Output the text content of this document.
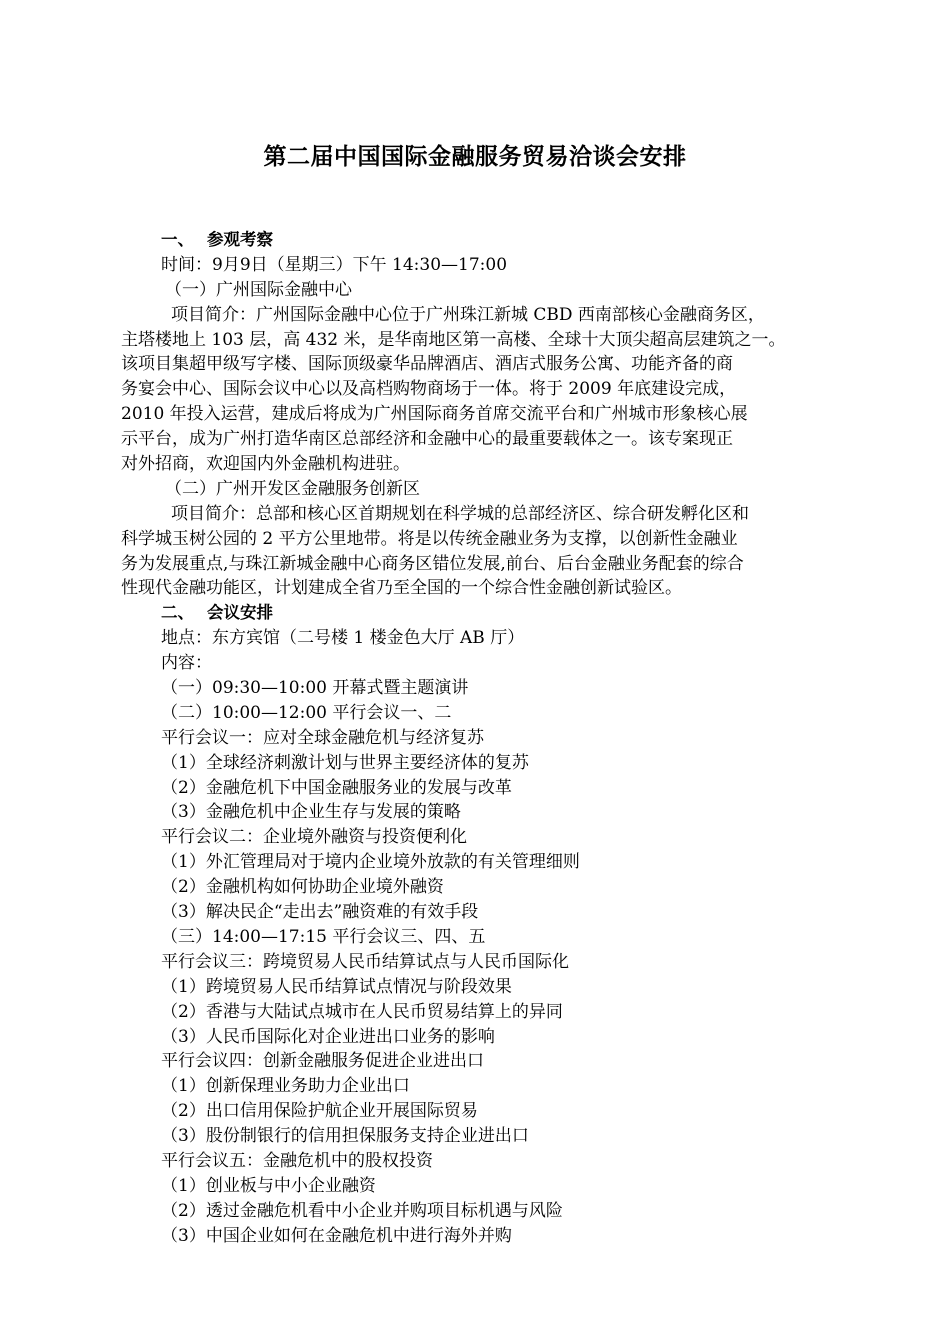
第二届中国国际金融服务贸易洽谈会安排
一、 参观考察
时间：9月9日（星期三）下午 14:30—17:00
（一）广州国际金融中心
项目简介：广州国际金融中心位于广州珠江新城 CBD 西南部核心金融商务区，
主塔楼地上 103 层，高 432 米，是华南地区第一高楼、全球十大顶尖超高层建筑之一。
该项目集超甲级写字楼、国际顶级豪华品牌酒店、酒店式服务公寓、功能齐备的商
务宴会中心、国际会议中心以及高档购物商场于一体。将于 2009 年底建设完成，
2010 年投入运营，建成后将成为广州国际商务首席交流平台和广州城市形象核心展
示平台，成为广州打造华南区总部经济和金融中心的最重要载体之一。该专案现正
对外招商，欢迎国内外金融机构进驻。
（二）广州开发区金融服务创新区
项目简介：总部和核心区首期规划在科学城的总部经济区、综合研发孵化区和
科学城玉树公园的 2 平方公里地带。将是以传统金融业务为支撑，以创新性金融业
务为发展重点,与珠江新城金融中心商务区错位发展,前台、后台金融业务配套的综合
性现代金融功能区，计划建成全省乃至全国的一个综合性金融创新试验区。
二、 会议安排
地点：东方宾馆（二号楼 1 楼金色大厅 AB 厅）
内容：
（一）09:30—10:00 开幕式暨主题演讲
（二）10:00—12:00 平行会议一、二
平行会议一：应对全球金融危机与经济复苏
（1）全球经济刺激计划与世界主要经济体的复苏
（2）金融危机下中国金融服务业的发展与改革
（3）金融危机中企业生存与发展的策略
平行会议二：企业境外融资与投资便利化
（1）外汇管理局对于境内企业境外放款的有关管理细则
（2）金融机构如何协助企业境外融资
（3）解决民企“走出去”融资难的有效手段
（三）14:00—17:15 平行会议三、四、五
平行会议三：跨境贸易人民币结算试点与人民币国际化
（1）跨境贸易人民币结算试点情况与阶段效果
（2）香港与大陆试点城市在人民币贸易结算上的异同
（3）人民币国际化对企业进出口业务的影响
平行会议四：创新金融服务促进企业进出口
（1）创新保理业务助力企业出口
（2）出口信用保险护航企业开展国际贸易
（3）股份制银行的信用担保服务支持企业进出口
平行会议五：金融危机中的股权投资
（1）创业板与中小企业融资
（2）透过金融危机看中小企业并购项目标机遇与风险
（3）中国企业如何在金融危机中进行海外并购
